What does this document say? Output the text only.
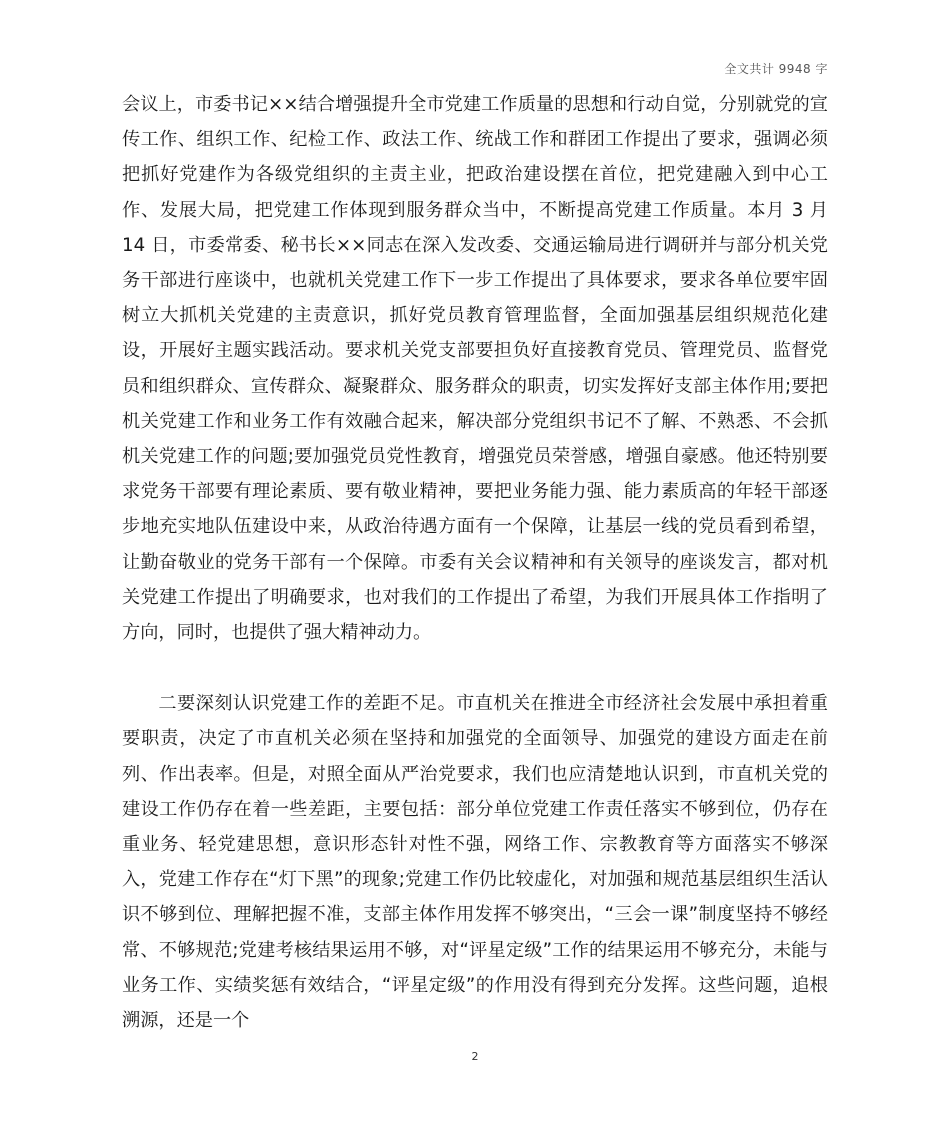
全文共计 9948 字

会议上，市委书记××结合增强提升全市党建工作质量的思想和行动自觉，分别就党的宣传工作、组织工作、纪检工作、政法工作、统战工作和群团工作提出了要求，强调必须把抓好党建作为各级党组织的主责主业，把政治建设摆在首位，把党建融入到中心工作、发展大局，把党建工作体现到服务群众当中，不断提高党建工作质量。本月 3 月 14 日，市委常委、秘书长××同志在深入发改委、交通运输局进行调研并与部分机关党务干部进行座谈中，也就机关党建工作下一步工作提出了具体要求，要求各单位要牢固树立大抓机关党建的主责意识，抓好党员教育管理监督，全面加强基层组织规范化建设，开展好主题实践活动。要求机关党支部要担负好直接教育党员、管理党员、监督党员和组织群众、宣传群众、凝聚群众、服务群众的职责，切实发挥好支部主体作用;要把机关党建工作和业务工作有效融合起来，解决部分党组织书记不了解、不熟悉、不会抓机关党建工作的问题;要加强党员党性教育，增强党员荣誉感，增强自豪感。他还特别要求党务干部要有理论素质、要有敬业精神，要把业务能力强、能力素质高的年轻干部逐步地充实地队伍建设中来，从政治待遇方面有一个保障，让基层一线的党员看到希望，让勤奋敬业的党务干部有一个保障。市委有关会议精神和有关领导的座谈发言，都对机关党建工作提出了明确要求，也对我们的工作提出了希望，为我们开展具体工作指明了方向，同时，也提供了强大精神动力。

二要深刻认识党建工作的差距不足。市直机关在推进全市经济社会发展中承担着重要职责，决定了市直机关必须在坚持和加强党的全面领导、加强党的建设方面走在前列、作出表率。但是，对照全面从严治党要求，我们也应清楚地认识到，市直机关党的建设工作仍存在着一些差距，主要包括：部分单位党建工作责任落实不够到位，仍存在重业务、轻党建思想，意识形态针对性不强，网络工作、宗教教育等方面落实不够深入，党建工作存在“灯下黑”的现象;党建工作仍比较虚化，对加强和规范基层组织生活认识不够到位、理解把握不准，支部主体作用发挥不够突出，“三会一课”制度坚持不够经常、不够规范;党建考核结果运用不够，对“评星定级”工作的结果运用不够充分，未能与业务工作、实绩奖惩有效结合，“评星定级”的作用没有得到充分发挥。这些问题，追根溯源，还是一个

2
